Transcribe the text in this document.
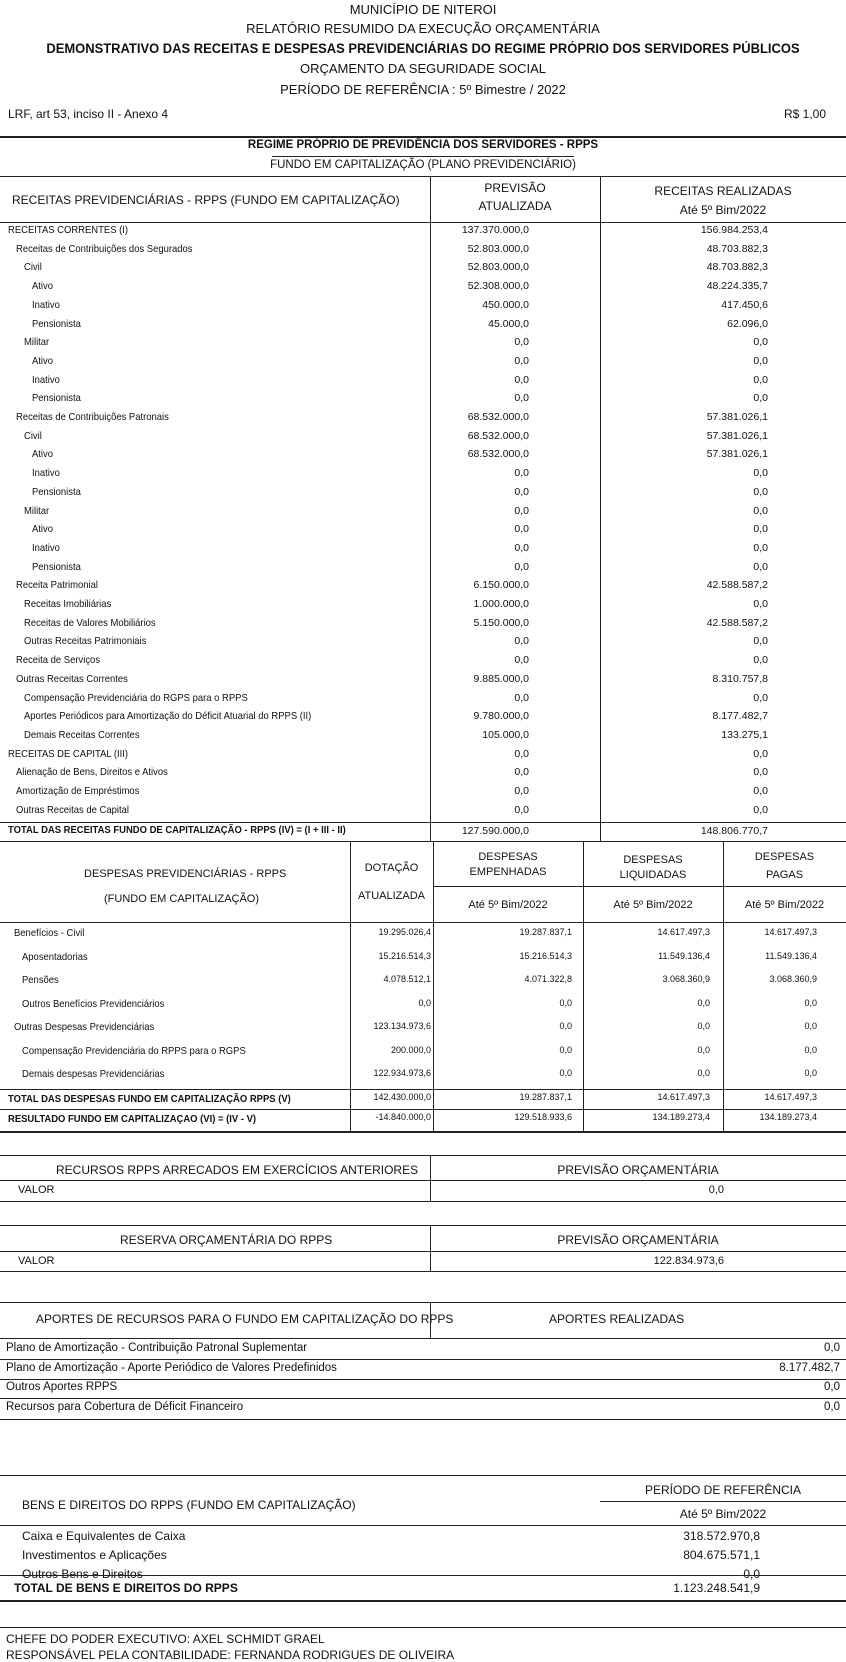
MUNICÍPIO DE NITEROI
RELATÓRIO RESUMIDO DA EXECUÇÃO ORÇAMENTÁRIA
DEMONSTRATIVO DAS RECEITAS E DESPESAS PREVIDENCIÁRIAS DO REGIME PRÓPRIO DOS SERVIDORES PÚBLICOS
ORÇAMENTO DA SEGURIDADE SOCIAL
PERÍODO DE REFERÊNCIA : 5º Bimestre / 2022
LRF, art 53, inciso II - Anexo 4	R$ 1,00
REGIME PRÓPRIO DE PREVIDÊNCIA DOS SERVIDORES - RPPS
FUNDO EM CAPITALIZAÇÃO (PLANO PREVIDENCIÁRIO)
RECEITAS PREVIDENCIÁRIAS - RPPS (FUNDO EM CAPITALIZAÇÃO)
PREVISÃO
ATUALIZADA
RECEITAS REALIZADAS
Até 5º Bim/2022
RECEITAS CORRENTES (I)	137.370.000,0	156.984.253,4
Receitas de Contribuições dos Segurados	52.803.000,0	48.703.882,3
Civil	52.803.000,0	48.703.882,3
Ativo	52.308.000,0	48.224.335,7
Inativo	450.000,0	417.450,6
Pensionista	45.000,0	62.096,0
Militar	0,0	0,0
Ativo	0,0	0,0
Inativo	0,0	0,0
Pensionista	0,0	0,0
Receitas de Contribuições Patronais	68.532.000,0	57.381.026,1
Civil	68.532.000,0	57.381.026,1
Ativo	68.532.000,0	57.381.026,1
Inativo	0,0	0,0
Pensionista	0,0	0,0
Militar	0,0	0,0
Ativo	0,0	0,0
Inativo	0,0	0,0
Pensionista	0,0	0,0
Receita Patrimonial	6.150.000,0	42.588.587,2
Receitas Imobiliárias	1.000.000,0	0,0
Receitas de Valores Mobiliários	5.150.000,0	42.588.587,2
Outras Receitas Patrimoniais	0,0	0,0
Receita de Serviços	0,0	0,0
Outras Receitas Correntes	9.885.000,0	8.310.757,8
Compensação Previdenciária do RGPS para o RPPS	0,0	0,0
Aportes Periódicos para Amortização do Déficit Atuarial do RPPS (II)	9.780.000,0	8.177.482,7
Demais Receitas Correntes	105.000,0	133.275,1
RECEITAS DE CAPITAL (III)	0,0	0,0
Alienação de Bens, Direitos e Ativos	0,0	0,0
Amortização de Empréstimos	0,0	0,0
Outras Receitas de Capital	0,0	0,0
TOTAL DAS RECEITAS FUNDO DE CAPITALIZAÇÃO - RPPS (IV) = (I + III - II)	127.590.000,0	148.806.770,7
DESPESAS PREVIDENCIÁRIAS - RPPS
(FUNDO EM CAPITALIZAÇÃO)
DOTAÇÃO
ATUALIZADA
DESPESAS
EMPENHADAS
Até 5º Bim/2022
DESPESAS
LIQUIDADAS
Até 5º Bim/2022
DESPESAS
PAGAS
Até 5º Bim/2022
Benefícios - Civil	19.295.026,4	19.287.837,1	14.617.497,3	14.617.497,3
Aposentadorias	15.216.514,3	15.216.514,3	11.549.136,4	11.549.136,4
Pensões	4.078.512,1	4.071.322,8	3.068.360,9	3.068.360,9
Outros Benefícios Previdenciários	0,0	0,0	0,0	0,0
Outras Despesas Previdenciárias	123.134.973,6	0,0	0,0	0,0
Compensação Previdenciária do RPPS para o RGPS	200.000,0	0,0	0,0	0,0
Demais despesas Previdenciárias	122.934.973,6	0,0	0,0	0,0
TOTAL DAS DESPESAS FUNDO EM CAPITALIZAÇÃO RPPS (V)	142.430.000,0	19.287.837,1	14.617.497,3	14.617.497,3
RESULTADO FUNDO EM CAPITALIZAÇAO (VI) = (IV - V)	-14.840.000,0	129.518.933,6	134.189.273,4	134.189.273,4
RECURSOS RPPS ARRECADOS EM EXERCÍCIOS ANTERIORES	PREVISÃO ORÇAMENTÁRIA
VALOR	0,0
RESERVA ORÇAMENTÁRIA DO RPPS	PREVISÃO ORÇAMENTÁRIA
VALOR	122.834.973,6
APORTES DE RECURSOS PARA O FUNDO EM CAPITALIZAÇÃO DO RPPS	APORTES REALIZADAS
Plano de Amortização - Contribuição Patronal Suplementar	0,0
Plano de Amortização - Aporte Periódico de Valores Predefinidos	8.177.482,7
Outros Aportes RPPS	0,0
Recursos para Cobertura de Déficit Financeiro	0,0
BENS E DIREITOS DO RPPS (FUNDO EM CAPITALIZAÇÃO)
PERÍODO DE REFERÊNCIA
Até 5º Bim/2022
Caixa e Equivalentes de Caixa	318.572.970,8
Investimentos e Aplicações	804.675.571,1
Outros Bens e Direitos	0,0
TOTAL DE BENS E DIREITOS DO RPPS	1.123.248.541,9
CHEFE DO PODER EXECUTIVO: AXEL SCHMIDT GRAEL
RESPONSÁVEL PELA CONTABILIDADE: FERNANDA RODRIGUES DE OLIVEIRA
